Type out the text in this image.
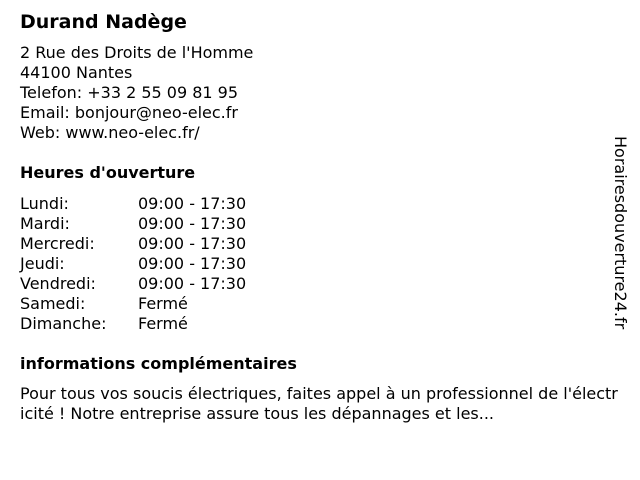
Durand Nadège
2 Rue des Droits de l'Homme
44100 Nantes
Telefon: +33 2 55 09 81 95
Email: bonjour@neo-elec.fr
Web: www.neo-elec.fr/
Heures d'ouverture
Lundi:	09:00 - 17:30
Mardi:	09:00 - 17:30
Mercredi:	09:00 - 17:30
Jeudi:	09:00 - 17:30
Vendredi:	09:00 - 17:30
Samedi:	Fermé
Dimanche:	Fermé
informations complémentaires

Pour tous vos soucis électriques, faites appel à un professionnel de l'électricité ! Notre entreprise assure tous les dépannages et les...

Horairesdouverture24.fr
